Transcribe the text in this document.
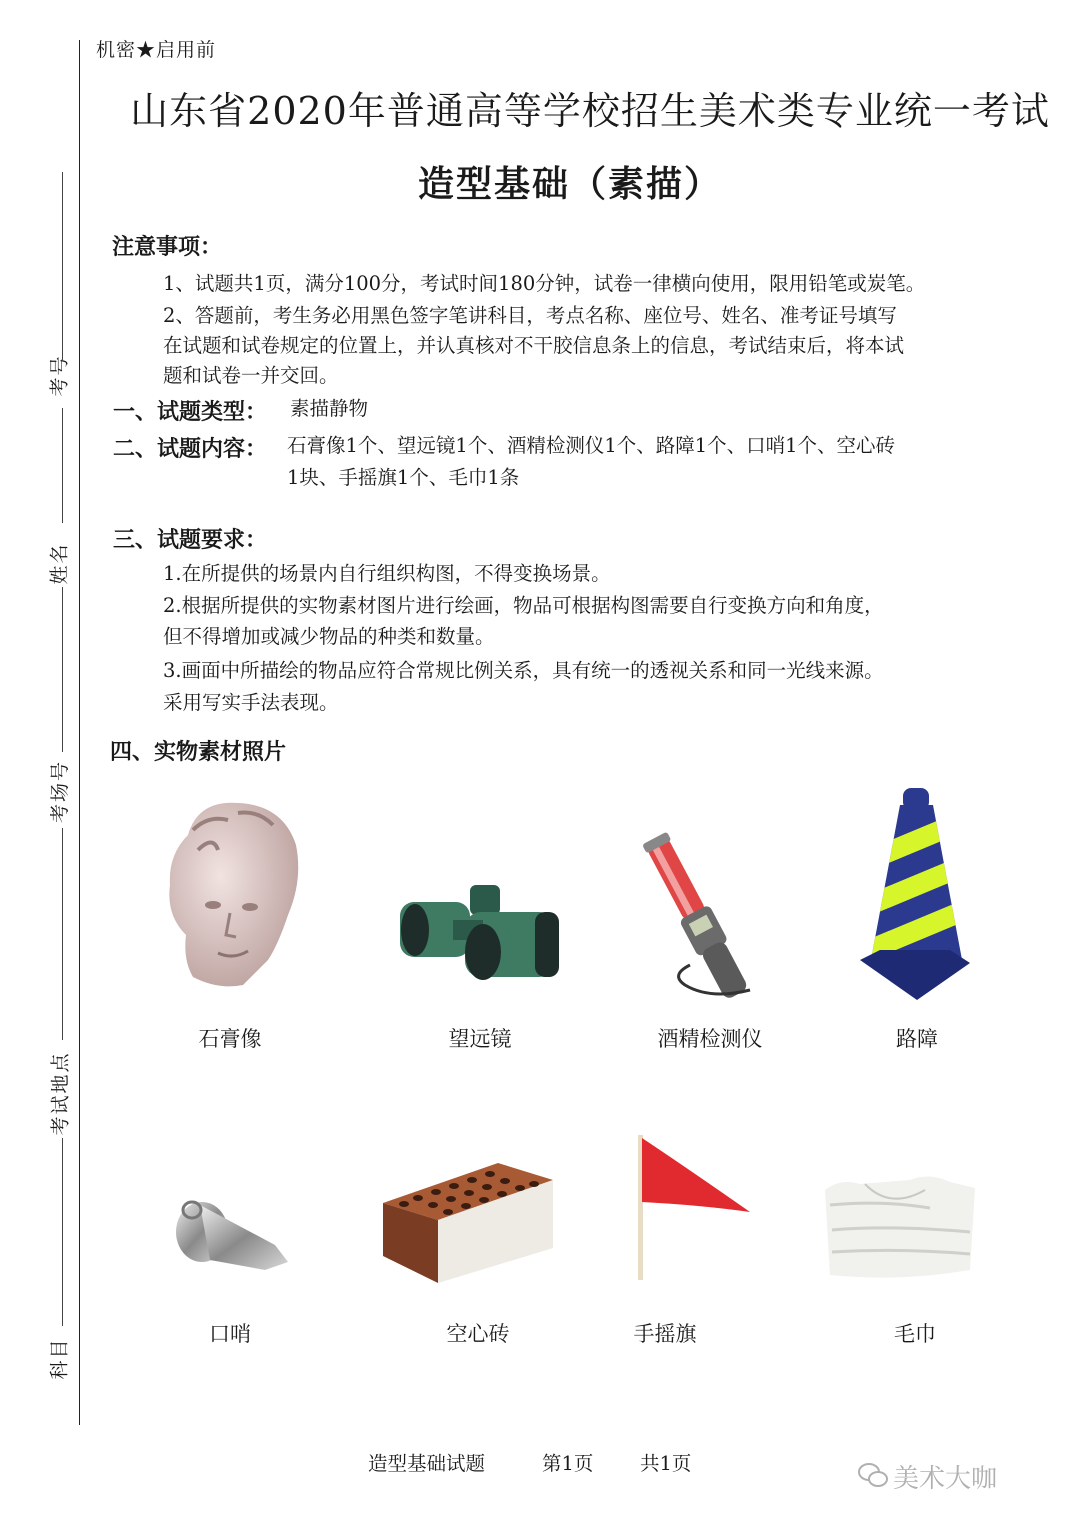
考号
姓名
考场号
考试地点
科目
机密★启用前
山东省2020年普通高等学校招生美术类专业统一考试
造型基础（素描）
注意事项：
1、试题共1页，满分100分，考试时间180分钟，试卷一律横向使用，限用铅笔或炭笔。
2、答题前，考生务必用黑色签字笔讲科目，考点名称、座位号、姓名、准考证号填写
在试题和试卷规定的位置上，并认真核对不干胶信息条上的信息，考试结束后，将本试
题和试卷一并交回。
一、试题类型： 素描静物
二、试题内容： 石膏像1个、望远镜1个、酒精检测仪1个、路障1个、口哨1个、空心砖
1块、手摇旗1个、毛巾1条
三、试题要求：
1.在所提供的场景内自行组织构图，不得变换场景。
2.根据所提供的实物素材图片进行绘画，物品可根据构图需要自行变换方向和角度，
但不得增加或减少物品的种类和数量。
3.画面中所描绘的物品应符合常规比例关系，具有统一的透视关系和同一光线来源。
采用写实手法表现。
四、实物素材照片
石膏像	望远镜	酒精检测仪	路障
口哨	空心砖	手摇旗	毛巾
造型基础试题	第1页 共1页
美术大咖
